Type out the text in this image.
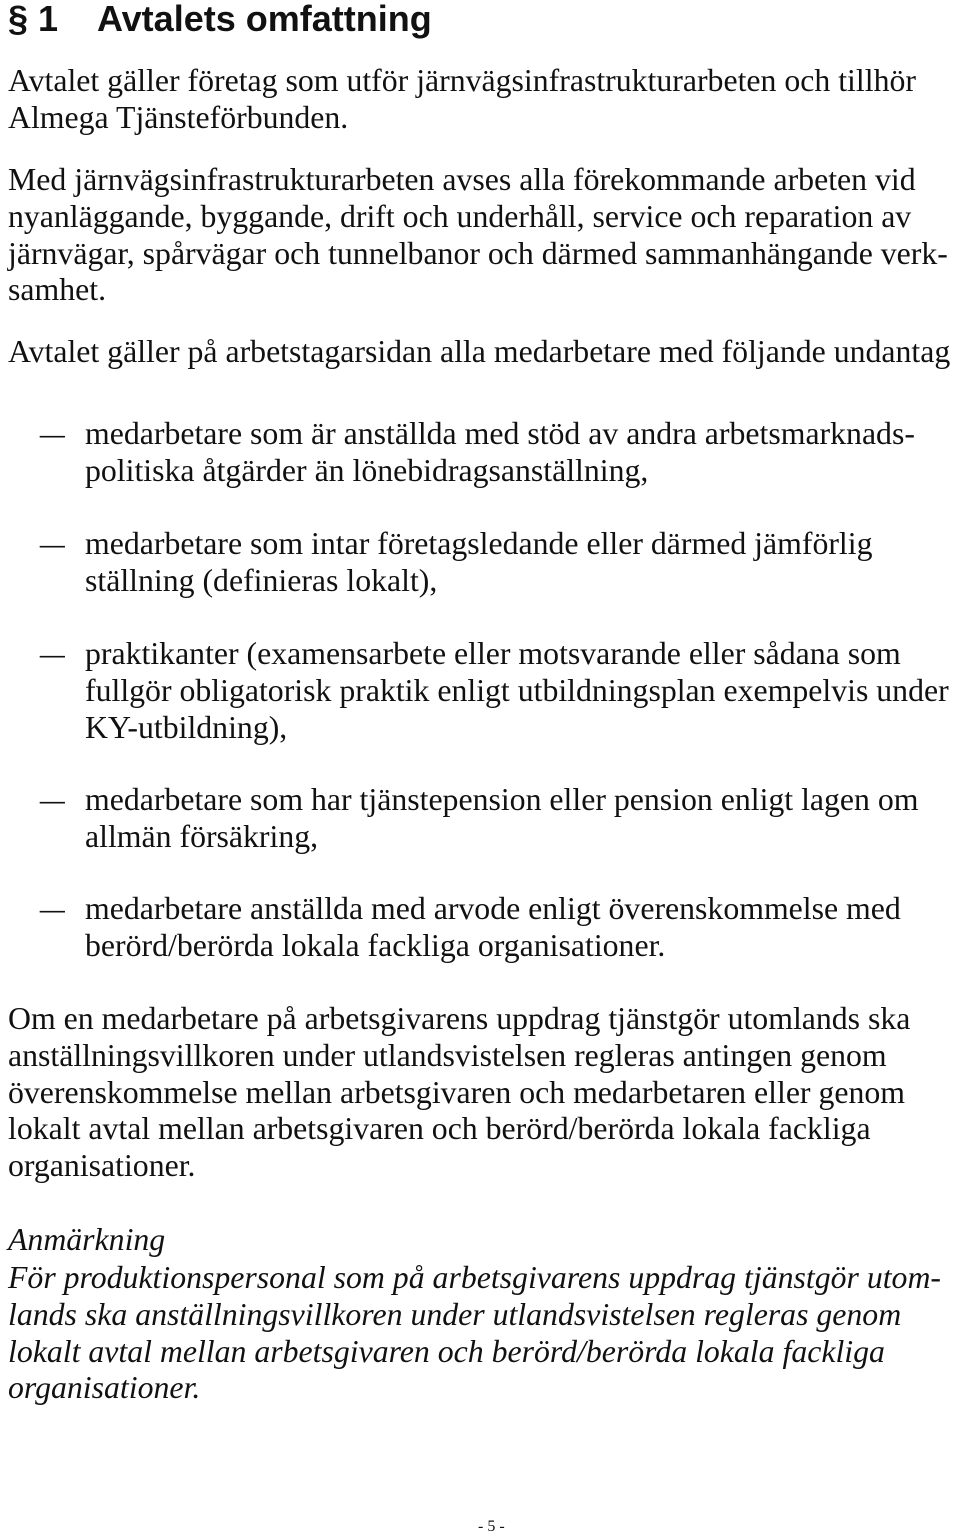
§ 1 Avtalets omfattning
Avtalet gäller företag som utför järnvägsinfrastrukturarbeten och tillhör
Almega Tjänsteförbunden.
Med järnvägsinfrastrukturarbeten avses alla förekommande arbeten vid
nyanläggande, byggande, drift och underhåll, service och reparation av
järnvägar, spårvägar och tunnelbanor och därmed sammanhängande verk-
samhet.
Avtalet gäller på arbetstagarsidan alla medarbetare med följande undantag
– medarbetare som är anställda med stöd av andra arbetsmarknads-
politiska åtgärder än lönebidragsanställning,
– medarbetare som intar företagsledande eller därmed jämförlig
ställning (definieras lokalt),
– praktikanter (examensarbete eller motsvarande eller sådana som
fullgör obligatorisk praktik enligt utbildningsplan exempelvis under
KY-utbildning),
– medarbetare som har tjänstepension eller pension enligt lagen om
allmän försäkring,
– medarbetare anställda med arvode enligt överenskommelse med
berörd/berörda lokala fackliga organisationer.
Om en medarbetare på arbetsgivarens uppdrag tjänstgör utomlands ska
anställningsvillkoren under utlandsvistelsen regleras antingen genom
överenskommelse mellan arbetsgivaren och medarbetaren eller genom
lokalt avtal mellan arbetsgivaren och berörd/berörda lokala fackliga
organisationer.
Anmärkning
För produktionspersonal som på arbetsgivarens uppdrag tjänstgör utom-
lands ska anställningsvillkoren under utlandsvistelsen regleras genom
lokalt avtal mellan arbetsgivaren och berörd/berörda lokala fackliga
organisationer.
- 5 -
